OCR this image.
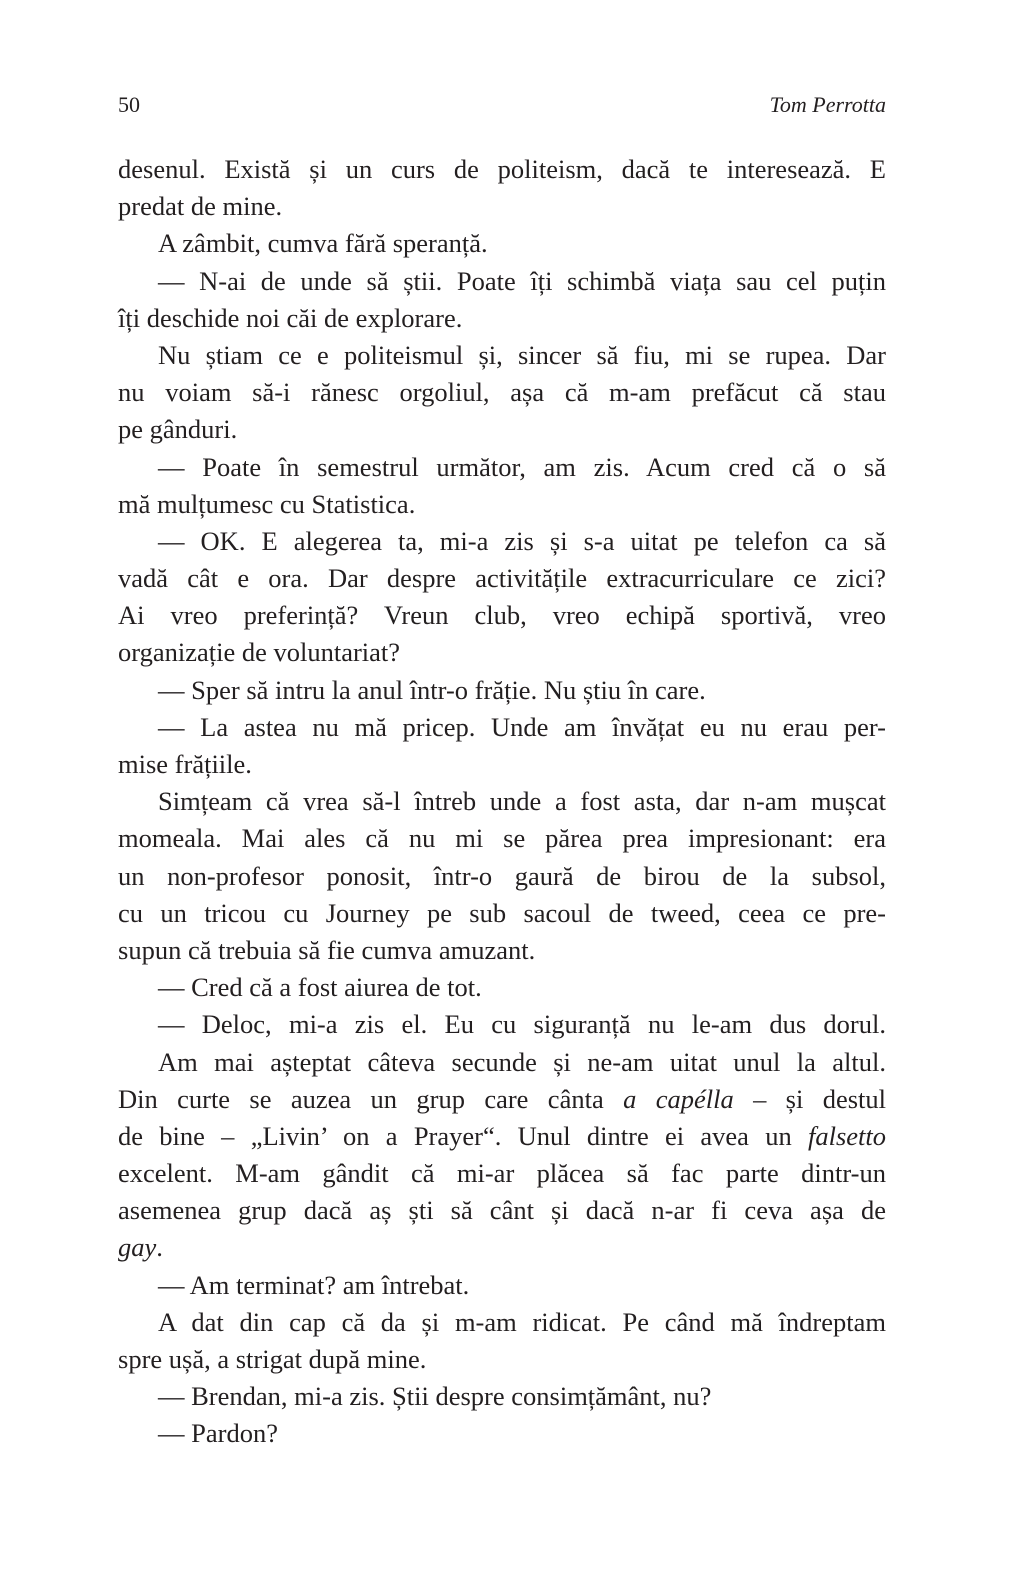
50	Tom Perrotta
desenul. Există și un curs de politeism, dacă te interesează. E
predat de mine.
A zâmbit, cumva fără speranță.
— N-ai de unde să știi. Poate îți schimbă viața sau cel puțin
îți deschide noi căi de explorare.
Nu știam ce e politeismul și, sincer să fiu, mi se rupea. Dar
nu voiam să-i rănesc orgoliul, așa că m-am prefăcut că stau
pe gânduri.
— Poate în semestrul următor, am zis. Acum cred că o să
mă mulțumesc cu Statistica.
— OK. E alegerea ta, mi-a zis și s-a uitat pe telefon ca să
vadă cât e ora. Dar despre activitățile extracurriculare ce zici?
Ai vreo preferință? Vreun club, vreo echipă sportivă, vreo
organizație de voluntariat?
— Sper să intru la anul într-o frăție. Nu știu în care.
— La astea nu mă pricep. Unde am învățat eu nu erau per-
mise frățiile.
Simțeam că vrea să-l întreb unde a fost asta, dar n-am mușcat
momeala. Mai ales că nu mi se părea prea impresionant: era
un non-profesor ponosit, într-o gaură de birou de la subsol,
cu un tricou cu Journey pe sub sacoul de tweed, ceea ce pre-
supun că trebuia să fie cumva amuzant.
— Cred că a fost aiurea de tot.
— Deloc, mi-a zis el. Eu cu siguranță nu le-am dus dorul.
Am mai așteptat câteva secunde și ne-am uitat unul la altul.
Din curte se auzea un grup care cânta a capélla – și destul
de bine – „Livin’ on a Prayer“. Unul dintre ei avea un falsetto
excelent. M-am gândit că mi-ar plăcea să fac parte dintr-un
asemenea grup dacă aș ști să cânt și dacă n-ar fi ceva așa de
gay.
— Am terminat? am întrebat.
A dat din cap că da și m-am ridicat. Pe când mă îndreptam
spre ușă, a strigat după mine.
— Brendan, mi-a zis. Știi despre consimțământ, nu?
— Pardon?
